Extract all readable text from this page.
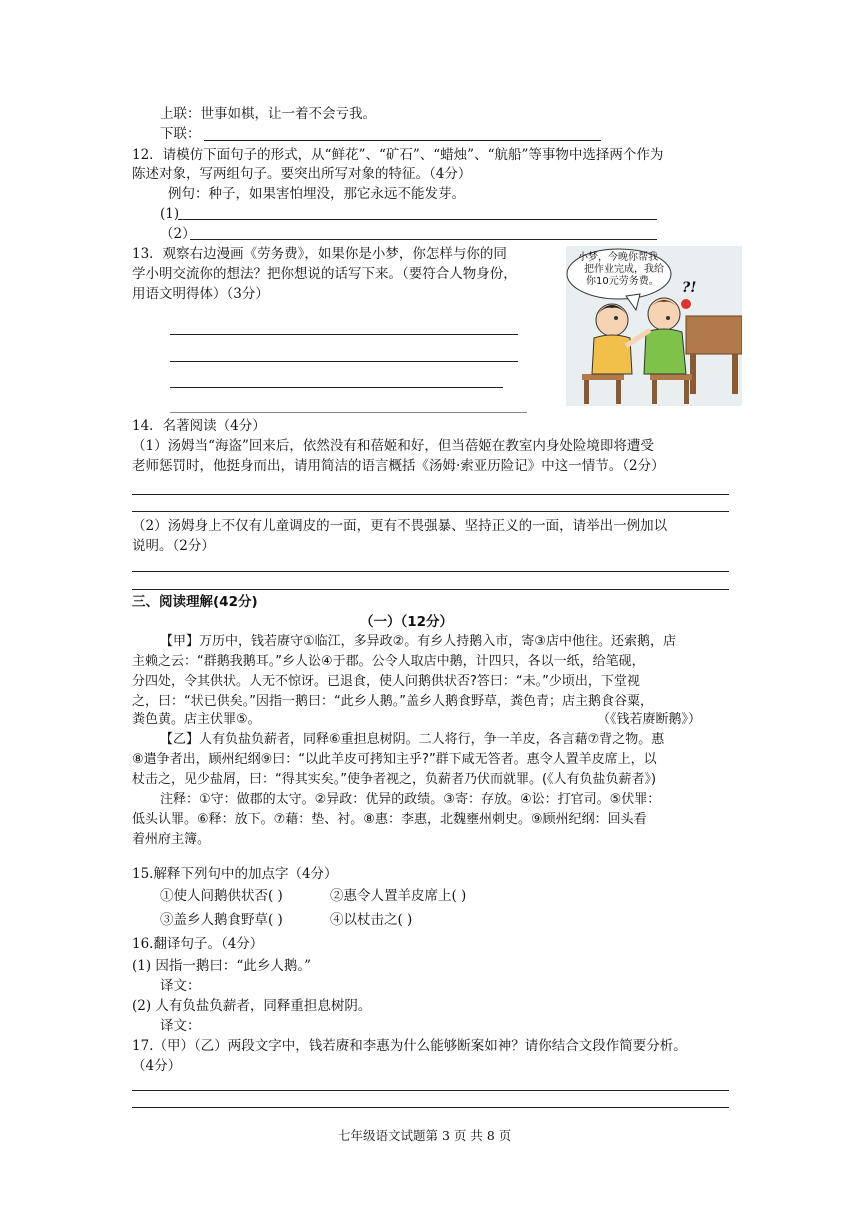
上联：世事如棋，让一着不会亏我。
下联：
12．请模仿下面句子的形式，从“鲜花”、“矿石”、“蜡烛”、“航船”等事物中选择两个作为
陈述对象，写两组句子。要突出所写对象的特征。（4分）
例句：种子，如果害怕埋没，那它永远不能发芽。
(1)
（2）
13．观察右边漫画《劳务费》，如果你是小梦，你怎样与你的同
学小明交流你的想法？把你想说的话写下来。（要符合人物身份，
用语文明得体）（3分）
小梦，今晚你帮我
把作业完成，我给
你10元劳务费。 ?!
14．名著阅读（4分）
（1）汤姆当“海盗”回来后，依然没有和蓓姬和好，但当蓓姬在教室内身处险境即将遭受
老师惩罚时，他挺身而出，请用简洁的语言概括《汤姆·索亚历险记》中这一情节。（2分）
（2）汤姆身上不仅有儿童调皮的一面，更有不畏强暴、坚持正义的一面，请举出一例加以
说明。（2分）
三、阅读理解(42分)
（一）（12分）
【甲】万历中，钱若赓守①临江，多异政②。有乡人持鹅入市，寄③店中他往。还索鹅，店
主赖之云：“群鹅我鹅耳。”乡人讼④于郡。公令人取店中鹅，计四只，各以一纸，给笔砚，
分四处，令其供状。人无不惊讶。已退食，使人问鹅供状否?答曰：“未。”少顷出，下堂视
之，曰：“状已供矣。”因指一鹅曰：“此乡人鹅。”盖乡人鹅食野草，粪色青；店主鹅食谷粟，
粪色黄。店主伏罪⑤。	（《钱若赓断鹅》）
【乙】人有负盐负薪者，同释⑥重担息树阴。二人将行，争一羊皮，各言藉⑦背之物。惠
⑧遣争者出，顾州纪纲⑨曰：“以此羊皮可拷知主乎?”群下咸无答者。惠令人置羊皮席上，以
杖击之，见少盐屑，曰：“得其实矣。”使争者视之，负薪者乃伏而就罪。(《人有负盐负薪者》)
注释：①守：做郡的太守。②异政：优异的政绩。③寄：存放。④讼：打官司。⑤伏罪：
低头认罪。⑥释：放下。⑦藉：垫、衬。⑧惠：李惠，北魏壅州刺史。⑨顾州纪纲：回头看
着州府主簿。
15.解释下列句中的加点字（4分）
①使人问鹅供状否( )	②惠令人置羊皮席上( )
③盖乡人鹅食野草( )	④以杖击之( )
16.翻译句子。（4分）
(1) 因指一鹅曰：“此乡人鹅。”
译文：
(2) 人有负盐负薪者，同释重担息树阴。
译文：
17.（甲）（乙）两段文字中，钱若赓和李惠为什么能够断案如神？请你结合文段作简要分析。
（4分）
七年级语文试题第 3 页 共 8 页
